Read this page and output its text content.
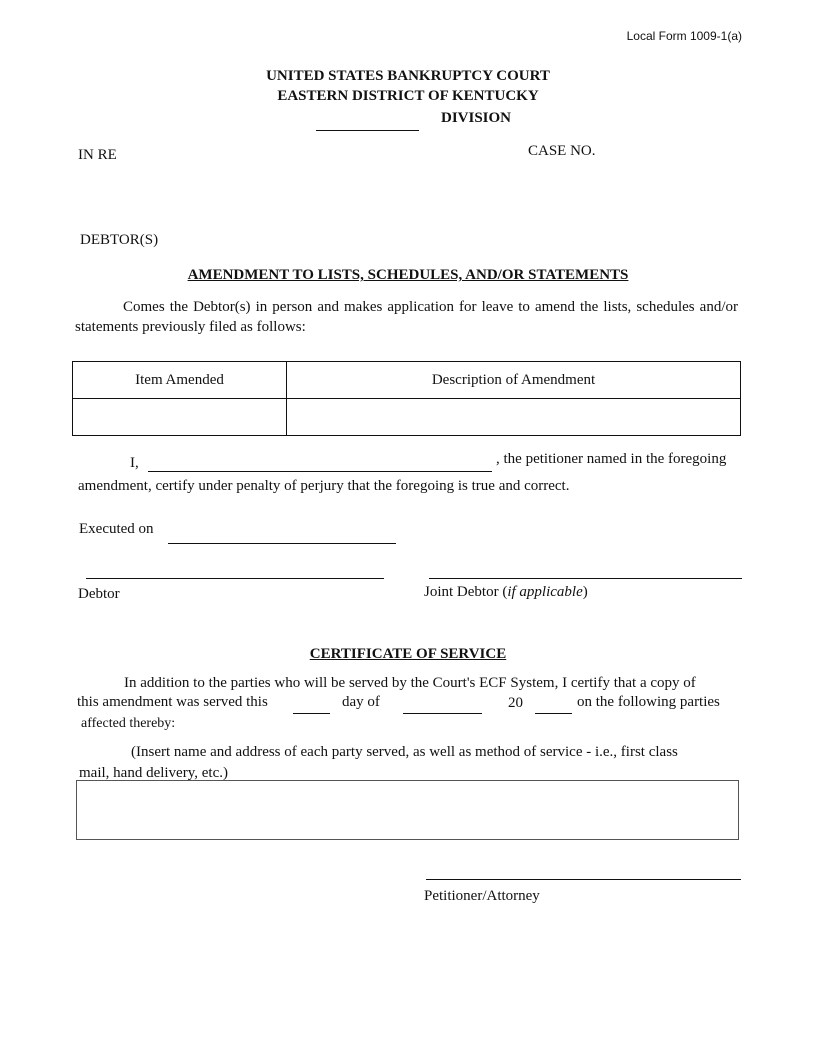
Local Form 1009-1(a)
UNITED STATES BANKRUPTCY COURT
EASTERN DISTRICT OF KENTUCKY
DIVISION
IN RE	CASE NO.
DEBTOR(S)
AMENDMENT TO LISTS, SCHEDULES, AND/OR STATEMENTS
Comes the Debtor(s) in person and makes application for leave to amend the lists, schedules and/or statements previously filed as follows:
Item Amended	Description of Amendment

I,	, the petitioner named in the foregoing
amendment, certify under penalty of perjury that the foregoing is true and correct.
Executed on
Debtor	Joint Debtor (if applicable)
CERTIFICATE OF SERVICE
In addition to the parties who will be served by the Court's ECF System, I certify that a copy of
this amendment was served this	day of	20	on the following parties
affected thereby:
(Insert name and address of each party served, as well as method of service - i.e., first class
mail, hand delivery, etc.)
Petitioner/Attorney
